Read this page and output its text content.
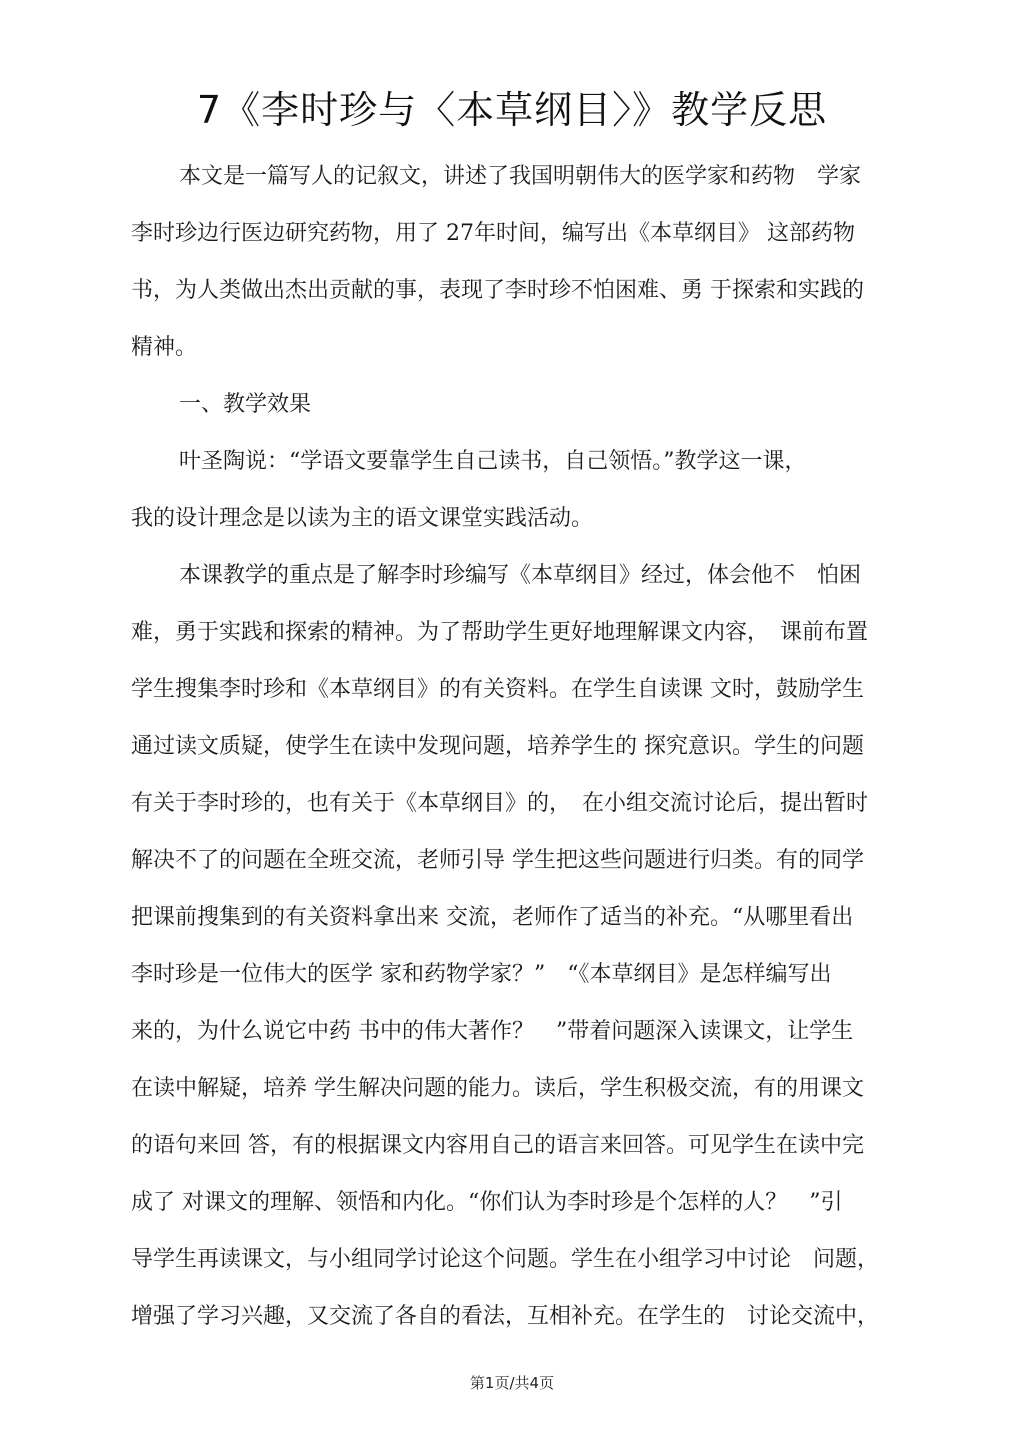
7《李时珍与〈本草纲目〉》教学反思
本文是一篇写人的记叙文，讲述了我国明朝伟大的医学家和药物　学家
李时珍边行医边研究药物，用了 27年时间，编写出《本草纲目》 这部药物
书，为人类做出杰出贡献的事，表现了李时珍不怕困难、勇 于探索和实践的
精神。
一、教学效果
叶圣陶说：“学语文要靠学生自己读书，自己领悟。”教学这一课，
我的设计理念是以读为主的语文课堂实践活动。
本课教学的重点是了解李时珍编写《本草纲目》经过，体会他不　怕困
难，勇于实践和探索的精神。为了帮助学生更好地理解课文内容，　课前布置
学生搜集李时珍和《本草纲目》的有关资料。在学生自读课 文时，鼓励学生
通过读文质疑，使学生在读中发现问题，培养学生的 探究意识。学生的问题
有关于李时珍的，也有关于《本草纲目》的，　在小组交流讨论后，提出暂时
解决不了的问题在全班交流，老师引导 学生把这些问题进行归类。有的同学
把课前搜集到的有关资料拿出来 交流，老师作了适当的补充。“从哪里看出
李时珍是一位伟大的医学 家和药物学家？”　“《本草纲目》是怎样编写出
来的，为什么说它中药 书中的伟大著作？　”带着问题深入读课文，让学生
在读中解疑，培养 学生解决问题的能力。读后，学生积极交流，有的用课文
的语句来回 答，有的根据课文内容用自己的语言来回答。可见学生在读中完
成了 对课文的理解、领悟和内化。“你们认为李时珍是个怎样的人？　”引
导学生再读课文，与小组同学讨论这个问题。学生在小组学习中讨论　问题，
增强了学习兴趣，又交流了各自的看法，互相补充。在学生的　讨论交流中，
第1页/共4页
